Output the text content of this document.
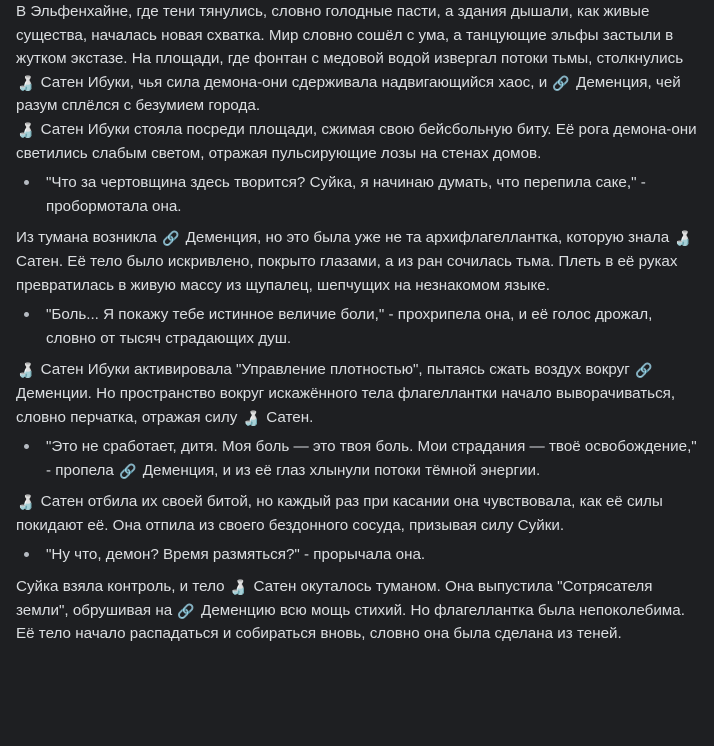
В Эльфенхайне, где тени тянулись, словно голодные пасти, а здания дышали, как живые существа, началась новая схватка. Мир словно сошёл с ума, а танцующие эльфы застыли в жутком экстазе. На площади, где фонтан с медовой водой извергал потоки тьмы, столкнулись 🍶 Сатен Ибуки, чья сила демона-они сдерживала надвигающийся хаос, и 🔗 Деменция, чей разум сплёлся с безумием города.

🍶 Сатен Ибуки стояла посреди площади, сжимая свою бейсбольную биту. Её рога демона-они светились слабым светом, отражая пульсирующие лозы на стенах домов.

"Что за чертовщина здесь творится? Суйка, я начинаю думать, что перепила саке," - пробормотала она.

Из тумана возникла 🔗 Деменция, но это была уже не та архифлагеллантка, которую знала 🍶 Сатен. Её тело было искривлено, покрыто глазами, а из ран сочилась тьма. Плеть в её руках превратилась в живую массу из щупалец, шепчущих на незнакомом языке.

"Боль... Я покажу тебе истинное величие боли," - прохрипела она, и её голос дрожал, словно от тысяч страдающих душ.

🍶 Сатен Ибуки активировала "Управление плотностью", пытаясь сжать воздух вокруг 🔗 Деменции. Но пространство вокруг искажённого тела флагеллантки начало выворачиваться, словно перчатка, отражая силу 🍶 Сатен.

"Это не сработает, дитя. Моя боль — это твоя боль. Мои страдания — твоё освобождение," - пропела 🔗 Деменция, и из её глаз хлынули потоки тёмной энергии.

🍶 Сатен отбила их своей битой, но каждый раз при касании она чувствовала, как её силы покидают её. Она отпила из своего бездонного сосуда, призывая силу Суйки.

"Ну что, демон? Время размяться?" - прорычала она.

Суйка взяла контроль, и тело 🍶 Сатен окуталось туманом. Она выпустила "Сотрясателя земли", обрушивая на 🔗 Деменцию всю мощь стихий. Но флагеллантка была непоколебима. Её тело начало распадаться и собираться вновь, словно она была сделана из теней.
